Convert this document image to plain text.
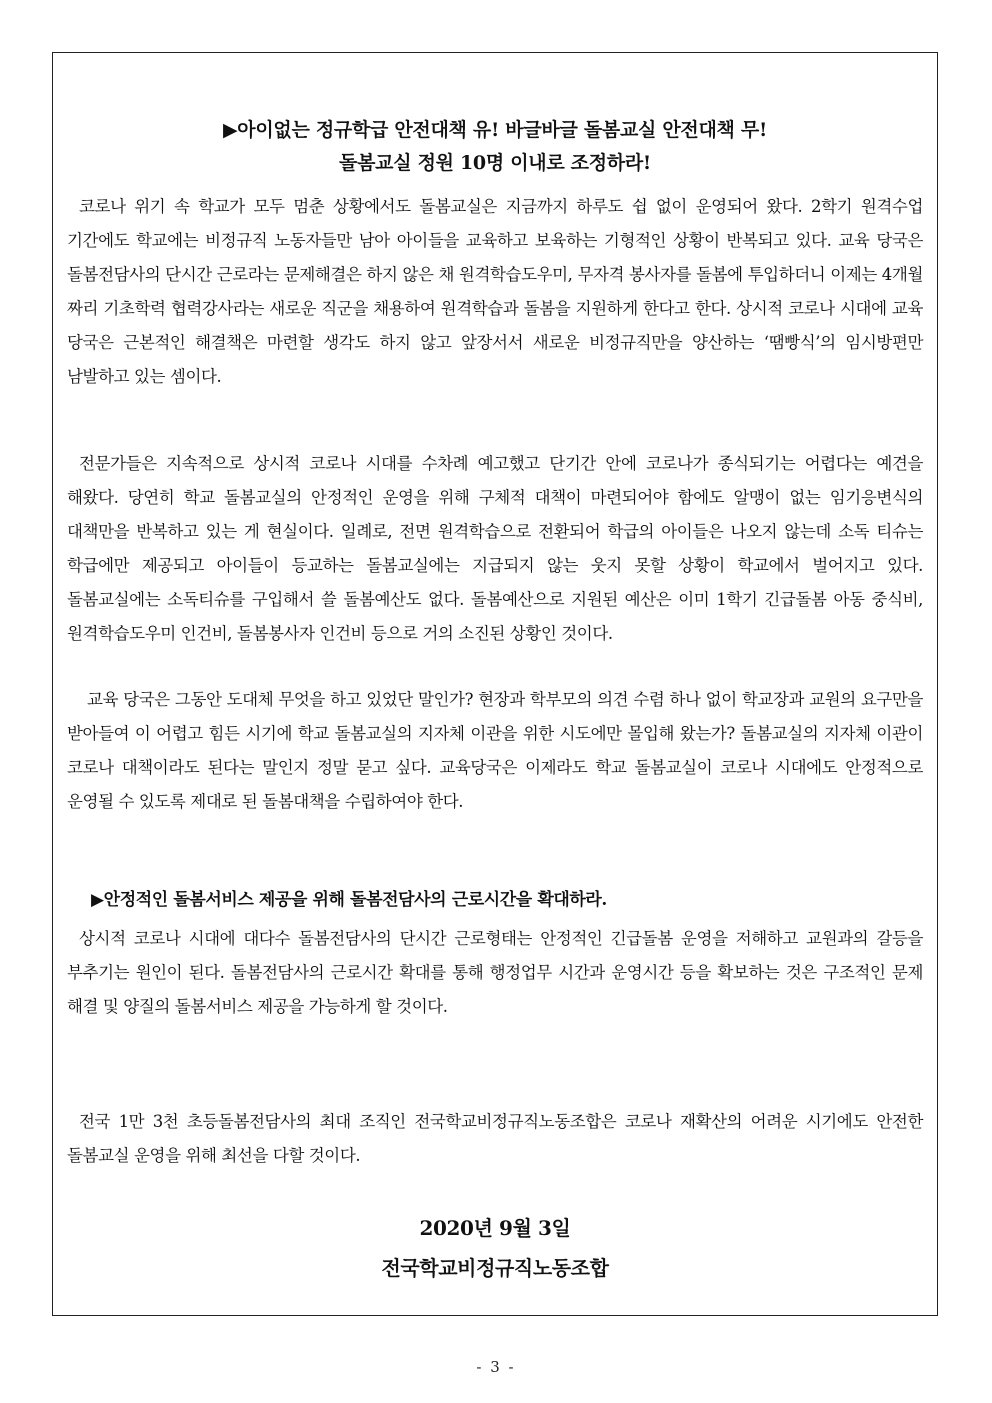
▶아이없는 정규학급 안전대책 유! 바글바글 돌봄교실 안전대책 무!
돌봄교실 정원 10명 이내로 조정하라!

코로나 위기 속 학교가 모두 멈춘 상황에서도 돌봄교실은 지금까지 하루도 쉽 없이 운영되어 왔다. 2학기 원격수업 기간에도 학교에는 비정규직 노동자들만 남아 아이들을 교육하고 보육하는 기형적인 상황이 반복되고 있다. 교육 당국은 돌봄전담사의 단시간 근로라는 문제해결은 하지 않은 채 원격학습도우미, 무자격 봉사자를 돌봄에 투입하더니 이제는 4개월 짜리 기초학력 협력강사라는 새로운 직군을 채용하여 원격학습과 돌봄을 지원하게 한다고 한다. 상시적 코로나 시대에 교육 당국은 근본적인 해결책은 마련할 생각도 하지 않고 앞장서서 새로운 비정규직만을 양산하는 ‘땜빵식’의 임시방편만 남발하고 있는 셈이다.

전문가들은 지속적으로 상시적 코로나 시대를 수차례 예고했고 단기간 안에 코로나가 종식되기는 어렵다는 예견을 해왔다. 당연히 학교 돌봄교실의 안정적인 운영을 위해 구체적 대책이 마련되어야 함에도 알맹이 없는 임기응변식의 대책만을 반복하고 있는 게 현실이다. 일례로, 전면 원격학습으로 전환되어 학급의 아이들은 나오지 않는데 소독 티슈는 학급에만 제공되고 아이들이 등교하는 돌봄교실에는 지급되지 않는 웃지 못할 상황이 학교에서 벌어지고 있다. 돌봄교실에는 소독티슈를 구입해서 쓸 돌봄예산도 없다. 돌봄예산으로 지원된 예산은 이미 1학기 긴급돌봄 아동 중식비, 원격학습도우미 인건비, 돌봄봉사자 인건비 등으로 거의 소진된 상황인 것이다.

교육 당국은 그동안 도대체 무엇을 하고 있었단 말인가? 현장과 학부모의 의견 수렴 하나 없이 학교장과 교원의 요구만을 받아들여 이 어렵고 힘든 시기에 학교 돌봄교실의 지자체 이관을 위한 시도에만 몰입해 왔는가? 돌봄교실의 지자체 이관이 코로나 대책이라도 된다는 말인지 정말 묻고 싶다. 교육당국은 이제라도 학교 돌봄교실이 코로나 시대에도 안정적으로 운영될 수 있도록 제대로 된 돌봄대책을 수립하여야 한다.

▶안정적인 돌봄서비스 제공을 위해 돌봄전담사의 근로시간을 확대하라.

상시적 코로나 시대에 대다수 돌봄전담사의 단시간 근로형태는 안정적인 긴급돌봄 운영을 저해하고 교원과의 갈등을 부추기는 원인이 된다. 돌봄전담사의 근로시간 확대를 통해 행정업무 시간과 운영시간 등을 확보하는 것은 구조적인 문제 해결 및 양질의 돌봄서비스 제공을 가능하게 할 것이다.

전국 1만 3천 초등돌봄전담사의 최대 조직인 전국학교비정규직노동조합은 코로나 재확산의 어려운 시기에도 안전한 돌봄교실 운영을 위해 최선을 다할 것이다.

2020년 9월 3일
전국학교비정규직노동조합
- 3 -
